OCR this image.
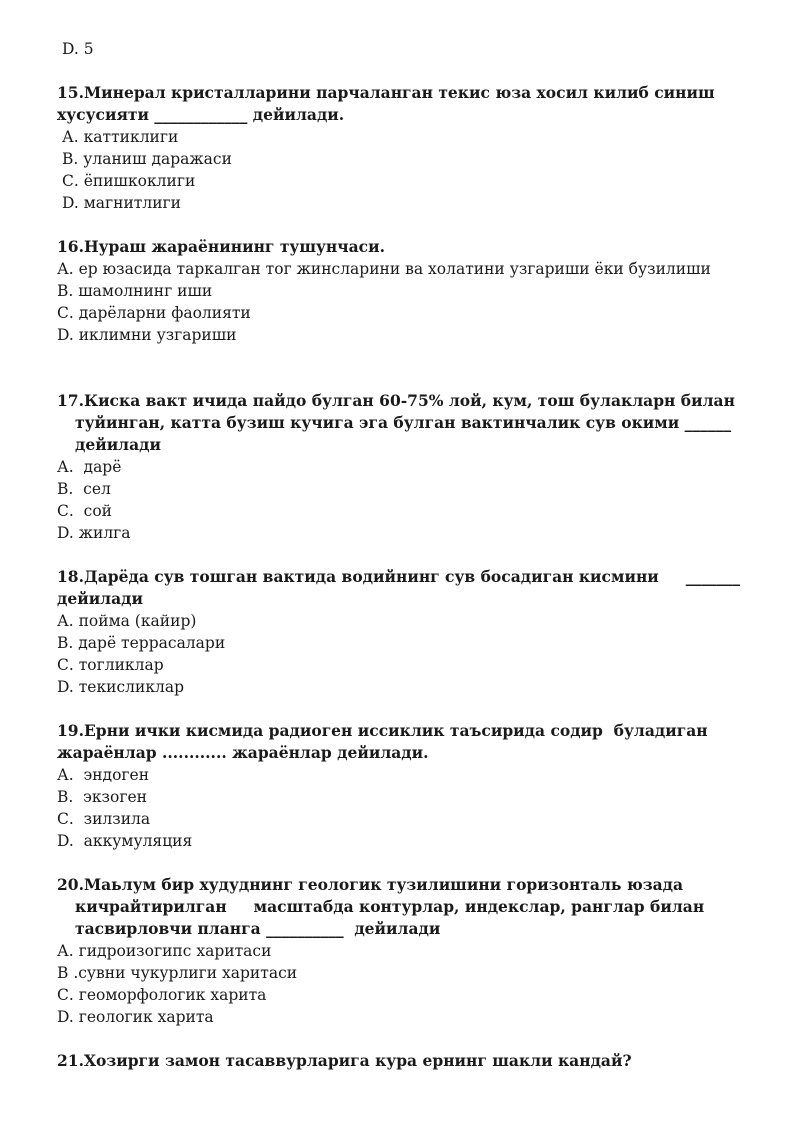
D. 5
15.Минерал кристалларини парчаланган текис юза хосил килиб синиш
хусусияти ____________ дейилади.
А. каттиклиги
В. уланиш даражаси
С. ёпишкоклиги
D. магнитлиги
16.Нураш жараёнининг тушунчаси.
А. ер юзасида таркалган тог жинсларини ва холатини узгариши ёки бузилиши
В. шамолнинг иши
С. дарёларни фаолияти
D. иклимни узгариши
17.Киска вакт ичида пайдо булган 60-75% лой, кум, тош булакларн билан
туйинган, катта бузиш кучига эга булган вактинчалик сув окими ______
дейилади
А.  дарё
В.  сел
С.  сой
D. жилга
18.Дарёда сув тошган вактида водийнинг сув босадиган кисмини     _______
дейилади
А. пойма (кайир)
В. дарё террасалари
С. тогликлар
D. текисликлар
19.Ерни ички кисмида радиоген иссиклик таъсирида содир  буладиган
жараёнлар ............ жараёнлар дейилади.
А.  эндоген
В.  экзоген
С.  зилзила
D.  аккумуляция
20.Маьлум бир худуднинг геологик тузилишини горизонталь юзада
кичрайтирилган     масштабда контурлар, индекслар, ранглар билан
тасвирловчи планга __________  дейилади
А. гидроизогипс харитаси
В .сувни чукурлиги харитаси
С. геоморфологик харита
D. геологик харита
21.Хозирги замон тасаввурларига кура ернинг шакли кандай?
